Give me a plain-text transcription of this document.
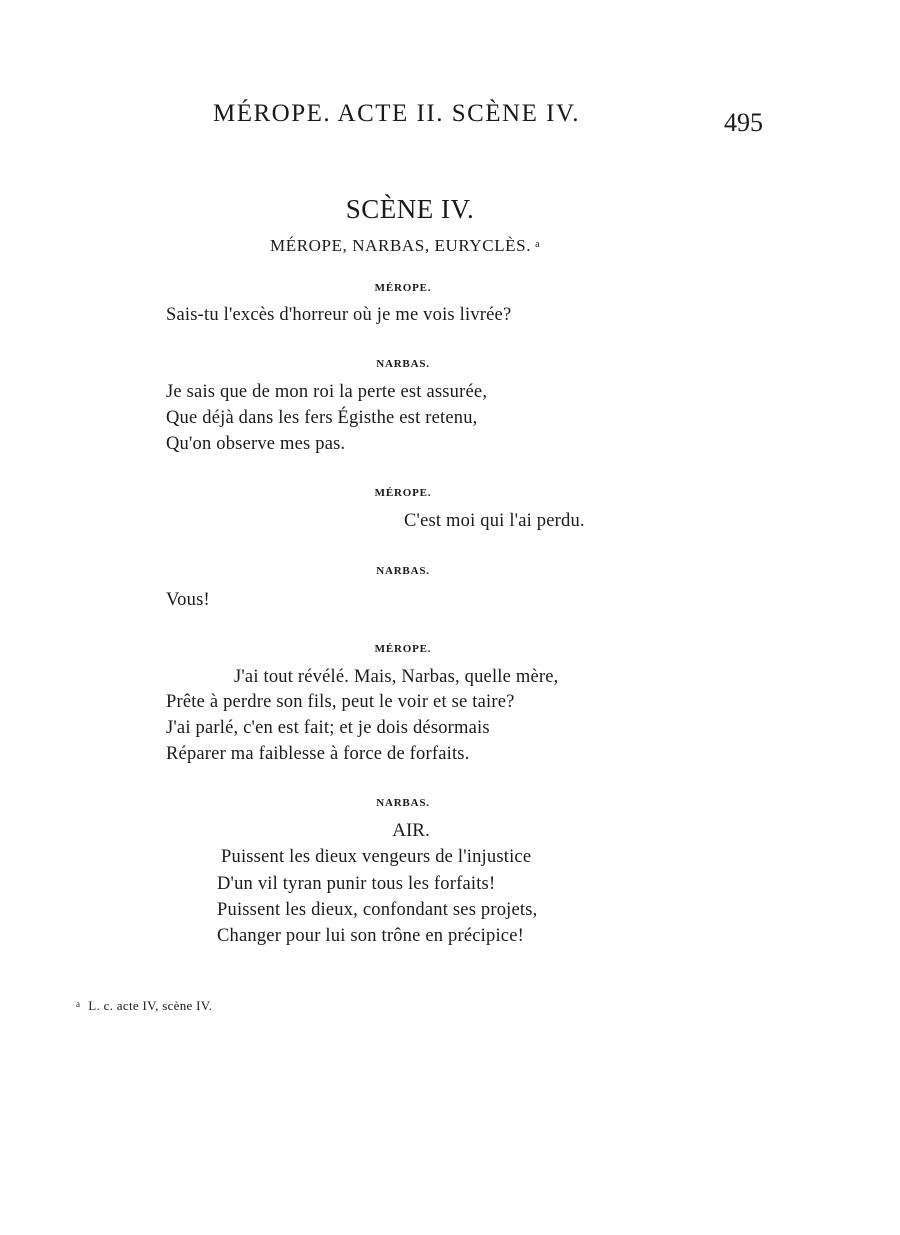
MÉROPE. ACTE II. SCÈNE IV.	495
SCÈNE IV.
MÉROPE, NARBAS, EURYCLÈS. $^a$
MÉROPE.
Sais-tu l'excès d'horreur où je me vois livrée?
NARBAS.
Je sais que de mon roi la perte est assurée,
Que déjà dans les fers Égisthe est retenu,
Qu'on observe mes pas.
MÉROPE.
C'est moi qui l'ai perdu.
NARBAS.
Vous!
MÉROPE.
J'ai tout révélé. Mais, Narbas, quelle mère,
Prête à perdre son fils, peut le voir et se taire?
J'ai parlé, c'en est fait; et je dois désormais
Réparer ma faiblesse à force de forfaits.
NARBAS.
AIR.
Puissent les dieux vengeurs de l'injustice
D'un vil tyran punir tous les forfaits!
Puissent les dieux, confondant ses projets,
Changer pour lui son trône en précipice!
$^a$ L. c. acte IV, scène IV.
